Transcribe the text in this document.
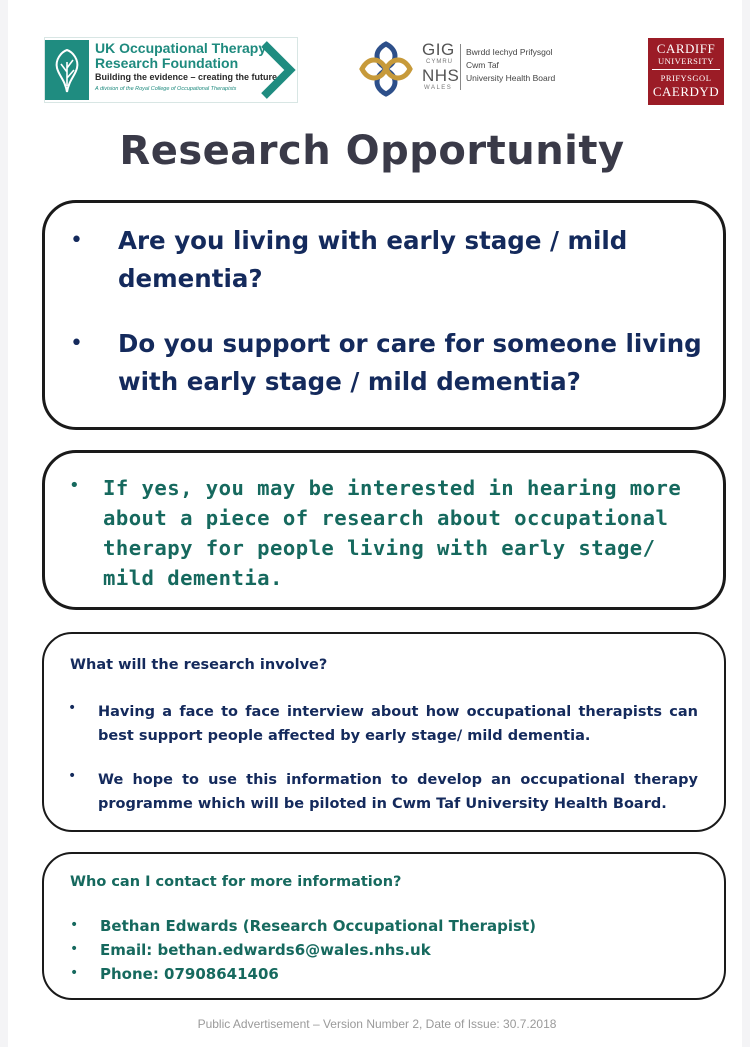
UK Occupational Therapy
Research Foundation
Building the evidence – creating the future
A division of the Royal College of Occupational Therapists
GIG
CYMRU
NHS
WALES
Bwrdd Iechyd Prifysgol
Cwm Taf
University Health Board
CARDIFF
UNIVERSITY
PRIFYSGOL
CAERDYD
Research Opportunity
• Are you living with early stage / mild dementia?
• Do you support or care for someone living with early stage / mild dementia?
• If yes, you may be interested in hearing more about a piece of research about occupational therapy for people living with early stage/ mild dementia.
What will the research involve?
• Having a face to face interview about how occupational therapists can best support people affected by early stage/ mild dementia.
• We hope to use this information to develop an occupational therapy programme which will be piloted in Cwm Taf University Health Board.
Who can I contact for more information?
• Bethan Edwards (Research Occupational Therapist)
• Email: bethan.edwards6@wales.nhs.uk
• Phone: 07908641406
Public Advertisement – Version Number 2, Date of Issue: 30.7.2018
